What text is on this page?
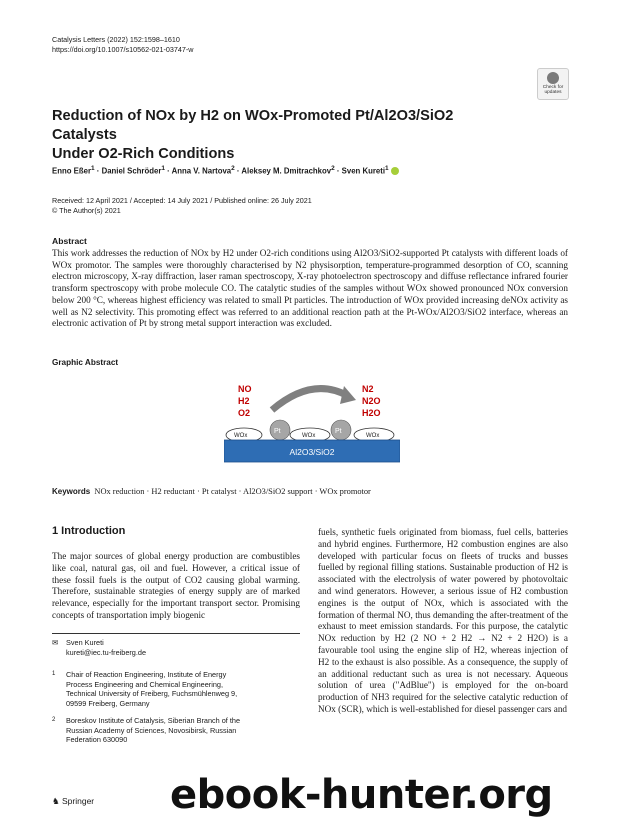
Catalysis Letters (2022) 152:1598–1610
https://doi.org/10.1007/s10562-021-03747-w
Check for updates
Reduction of NOx by H2 on WOx-Promoted Pt/Al2O3/SiO2 Catalysts
Under O2-Rich Conditions
Enno Eßer$^1$ · Daniel Schröder$^1$ · Anna V. Nartova$^2$ · Aleksey M. Dmitrachkov$^2$ · Sven Kureti$^1$
Received: 12 April 2021 / Accepted: 14 July 2021 / Published online: 26 July 2021
© The Author(s) 2021
Abstract
This work addresses the reduction of NOx by H2 under O2-rich conditions using Al2O3/SiO2-supported Pt catalysts with different loads of WOx promotor. The samples were thoroughly characterised by N2 physisorption, temperature-programmed desorption of CO, scanning electron microscopy, X-ray diffraction, laser raman spectroscopy, X-ray photoelectron spectroscopy and diffuse reflectance infrared fourier transform spectroscopy with probe molecule CO. The catalytic studies of the samples without WOx showed pronounced NOx conversion below 200 °C, whereas highest efficiency was related to small Pt particles. The introduction of WOx provided increasing deNOx activity as well as N2 selectivity. This promoting effect was referred to an additional reaction path at the Pt-WOx/Al2O3/SiO2 interface, whereas an electronic activation of Pt by strong metal support interaction was excluded.
Graphic Abstract
NO
H2
O2
N2
N2O
H2O
WOx	WOx	WOx
Pt	Pt
Al2O3/SiO2
Keywords NOx reduction · H2 reductant · Pt catalyst · Al2O3/SiO2 support · WOx promotor
1 Introduction

The major sources of global energy production are combustibles like coal, natural gas, oil and fuel. However, a critical issue of these fossil fuels is the output of CO2 causing global warming. Therefore, sustainable strategies of energy supply are of marked relevance, especially for the important transport sector. Promising concepts of transportation imply biogenic

fuels, synthetic fuels originated from biomass, fuel cells, batteries and hybrid engines. Furthermore, H2 combustion engines are also developed with particular focus on fleets of trucks and busses fuelled by regional filling stations. Sustainable production of H2 is associated with the electrolysis of water powered by photovoltaic and wind generators. However, a serious issue of H2 combustion engines is the output of NOx, which is associated with the formation of thermal NO, thus demanding the after-treatment of the exhaust to meet emission standards. For this purpose, the catalytic NOx reduction by H2 (2 NO + 2 H2 → N2 + 2 H2O) is a favourable tool using the engine slip of H2, whereas injection of H2 to the exhaust is also possible. As a consequence, the supply of an additional reductant such as urea is not necessary. Aqueous solution of urea ("AdBlue") is employed for the on-board production of NH3 required for the selective catalytic reduction of NOx (SCR), which is well-established for diesel passenger cars and

✉ Sven Kureti
kureti@iec.tu-freiberg.de
1 Chair of Reaction Engineering, Institute of Energy Process Engineering and Chemical Engineering, Technical University of Freiberg, Fuchsmühlenweg 9, 09599 Freiberg, Germany
2 Boreskov Institute of Catalysis, Siberian Branch of the Russian Academy of Sciences, Novosibirsk, Russian Federation 630090
♞ Springer ebook-hunter.org
